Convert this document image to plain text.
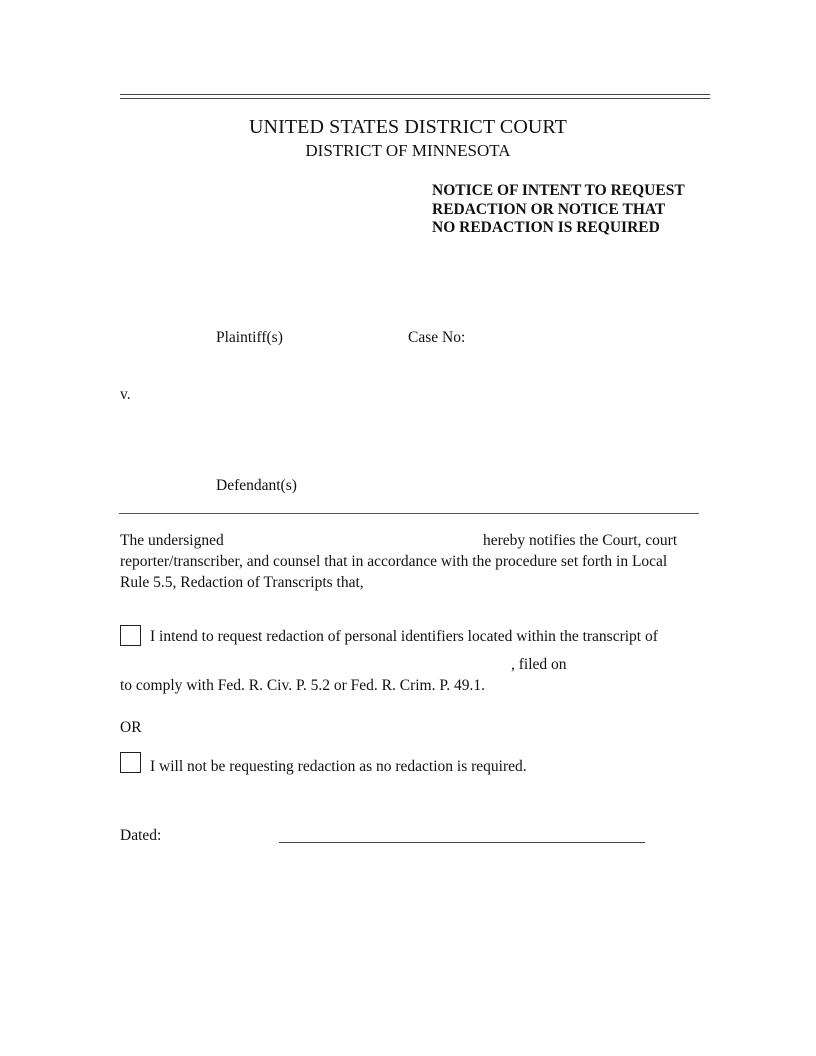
UNITED STATES DISTRICT COURT
DISTRICT OF MINNESOTA
NOTICE OF INTENT TO REQUEST
REDACTION OR NOTICE THAT
NO REDACTION IS REQUIRED
Plaintiff(s)	Case No:
v.
Defendant(s)
The undersigned	hereby notifies the Court, court
reporter/transcriber, and counsel that in accordance with the procedure set forth in Local
Rule 5.5, Redaction of Transcripts that,
I intend to request redaction of personal identifiers located within the transcript of
, filed on
to comply with Fed. R. Civ. P. 5.2 or Fed. R. Crim. P. 49.1.
OR
I will not be requesting redaction as no redaction is required.
Dated:
